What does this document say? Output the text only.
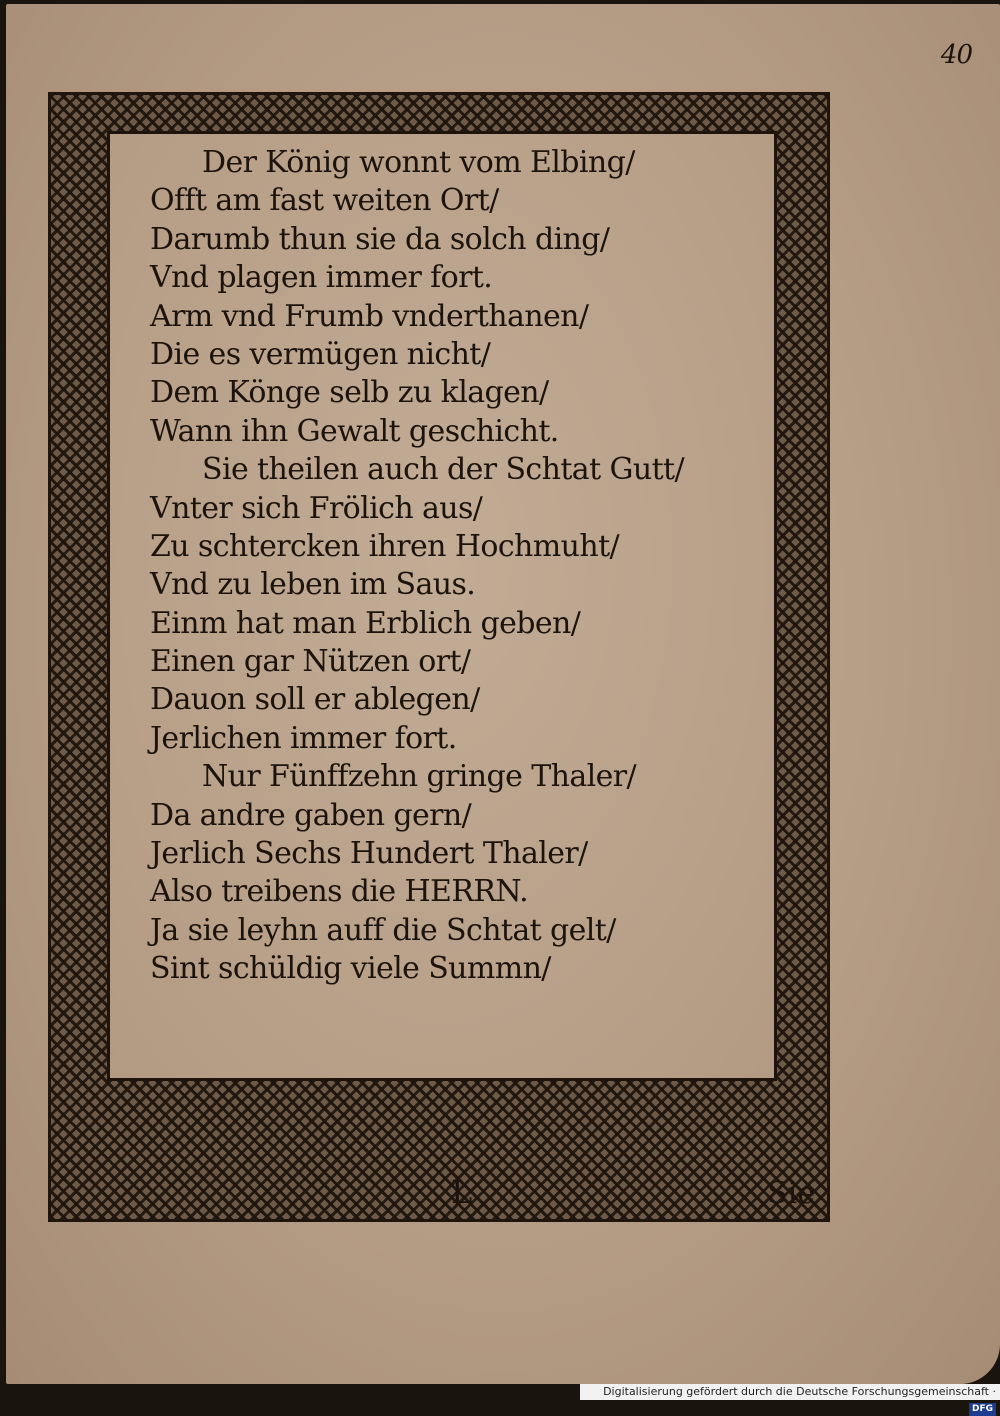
40
Der König wonnt vom Elbing/
Offt am fast weiten Ort/
Darumb thun sie da solch ding/
Vnd plagen immer fort.
Arm vnd Frumb vnderthanen/
Die es vermügen nicht/
Dem Könge selb zu klagen/
Wann ihn Gewalt geschicht.
Sie theilen auch der Schtat Gutt/
Vnter sich Frölich aus/
Zu schtercken ihren Hochmuht/
Vnd zu leben im Saus.
Einm hat man Erblich geben/
Einen gar Nützen ort/
Dauon soll er ablegen/
Jerlichen immer fort.
Nur Fünffzehn gringe Thaler/
Da andre gaben gern/
Jerlich Sechs Hundert Thaler/
Also treibens die HERRN.
Ja sie leyhn auff die Schtat gelt/
Sint schüldig viele Summn/
L	Sie
Digitalisierung gefördert durch die Deutsche Forschungsgemeinschaft · DFG
